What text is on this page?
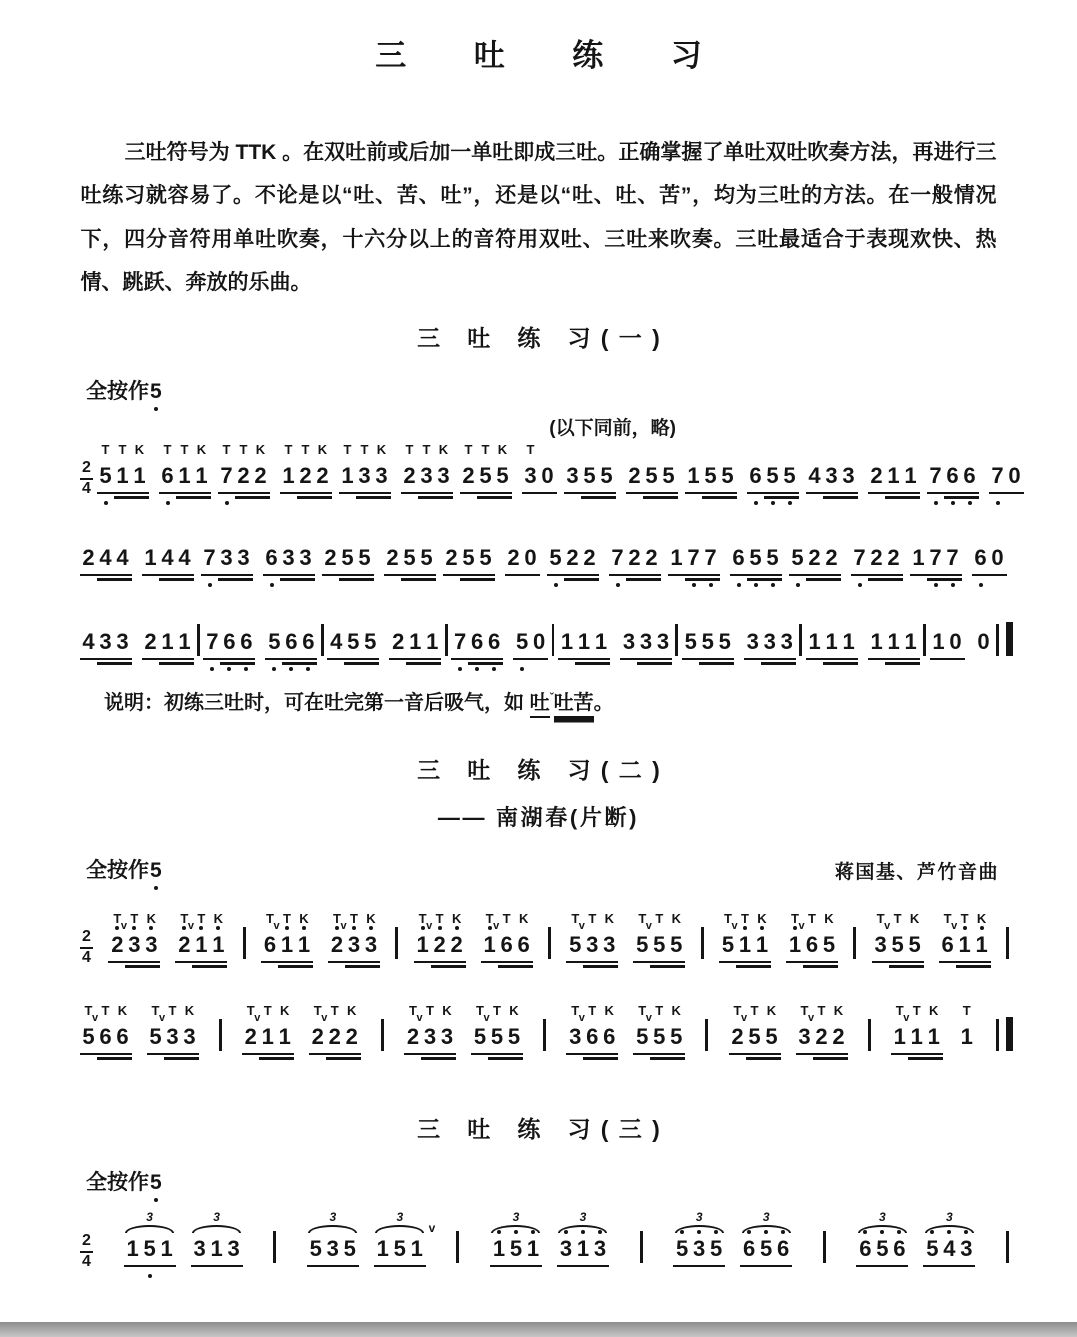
三 吐 练 习

三吐符号为 TTK 。在双吐前或后加一单吐即成三吐。正确掌握了单吐双吐吹奏方法，再进行三吐练习就容易了。不论是以“吐、苦、吐”，还是以“吐、吐、苦”，均为三吐的方法。在一般情况下，四分音符用单吐吹奏，十六分以上的音符用双吐、三吐来吹奏。三吐最适合于表现欢快、热情、跳跃、奔放的乐曲。

三 吐 练 习(一)
全按作5
(以下同前，略)
2
4
5
T
1
T
1
K
6
T
1
T
1
K
7
T
2
T
2
K
1
T
2
T
2
K
1
T
3
T
3
K
2
T
3
T
3
K
2
T
5
T
5
K
3
T
0 3 5 5 2 5 5 1 5 5 6 5 5 4 3 3 2 1 1 7 6 6 7 0
2 4 4 1 4 4 7 3 3 6 3 3 2 5 5 2 5 5 2 5 5 2 0 5 2 2 7 2 2 1 7 7 6 5 5 5 2 2 7 2 2 1 7 7 6 0
4 3 3 2 1 1 7 6 6 5 6 6 4 5 5 2 1 1 7 6 6 5 0 1 1 1 3 3 3 5 5 5 3 3 3 1 1 1 1 1 1 1 0 0

说明：初练三吐时，可在吐完第一音后吸气，如 吐$^ˇ$吐苦。

三 吐 练 习(二)
—— 南湖春(片断)
全按作5	蒋国基、芦竹音曲
2
4
2
T
3
T
v
3
K
2
T
1
T
v
1
K
6
T
1
T
v
1
K
2
T
3
T
v
3
K
1
T
2
T
v
2
K
1
T
6
T
v
6
K
5
T
3
T
v
3
K
5
T
5
T
v
5
K
5
T
1
T
v
1
K
1
T
6
T
v
5
K
3
T
5
T
v
5
K
6
T
1
T
v
1
K
5
T
6
T
v
6
K
5
T
3
T
v
3
K
2
T
1
T
v
1
K
2
T
2
T
v
2
K
2
T
3
T
v
3
K
5
T
5
T
v
5
K
3
T
6
T
v
6
K
5
T
5
T
v
5
K
2
T
5
T
v
5
K
3
T
2
T
v
2
K
1
T
1
T
v
1
K
1
T
三 吐 练 习(三)
全按作5
2
4
3
1 5 1
3
3 1 3
3
5 3 5
3
1 5 1
v
3
1 5 1
3
3 1 3
3
5 3 5
3
6 5 6
3
6 5 6
3
5 4 3
